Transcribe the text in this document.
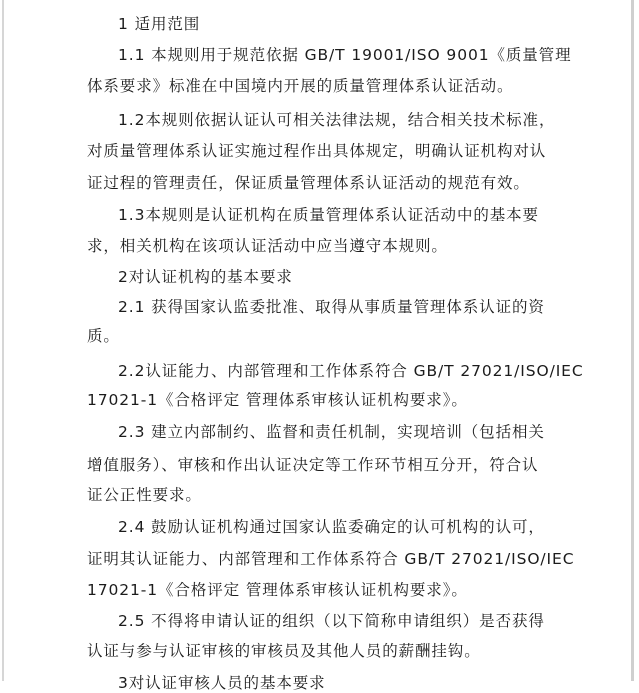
1 适用范围
1.1 本规则用于规范依据 GB/T 19001/ISO 9001《质量管理
体系要求》标准在中国境内开展的质量管理体系认证活动。
1.2本规则依据认证认可相关法律法规，结合相关技术标准，
对质量管理体系认证实施过程作出具体规定，明确认证机构对认
证过程的管理责任，保证质量管理体系认证活动的规范有效。
1.3本规则是认证机构在质量管理体系认证活动中的基本要
求，相关机构在该项认证活动中应当遵守本规则。
2对认证机构的基本要求
2.1 获得国家认监委批准、取得从事质量管理体系认证的资
质。
2.2认证能力、内部管理和工作体系符合 GB/T 27021/ISO/IEC
17021-1《合格评定 管理体系审核认证机构要求》。
2.3 建立内部制约、监督和责任机制，实现培训（包括相关
增值服务）、审核和作出认证决定等工作环节相互分开，符合认
证公正性要求。
2.4 鼓励认证机构通过国家认监委确定的认可机构的认可，
证明其认证能力、内部管理和工作体系符合 GB/T 27021/ISO/IEC
17021-1《合格评定 管理体系审核认证机构要求》。
2.5 不得将申请认证的组织（以下简称申请组织）是否获得
认证与参与认证审核的审核员及其他人员的薪酬挂钩。
3对认证审核人员的基本要求
